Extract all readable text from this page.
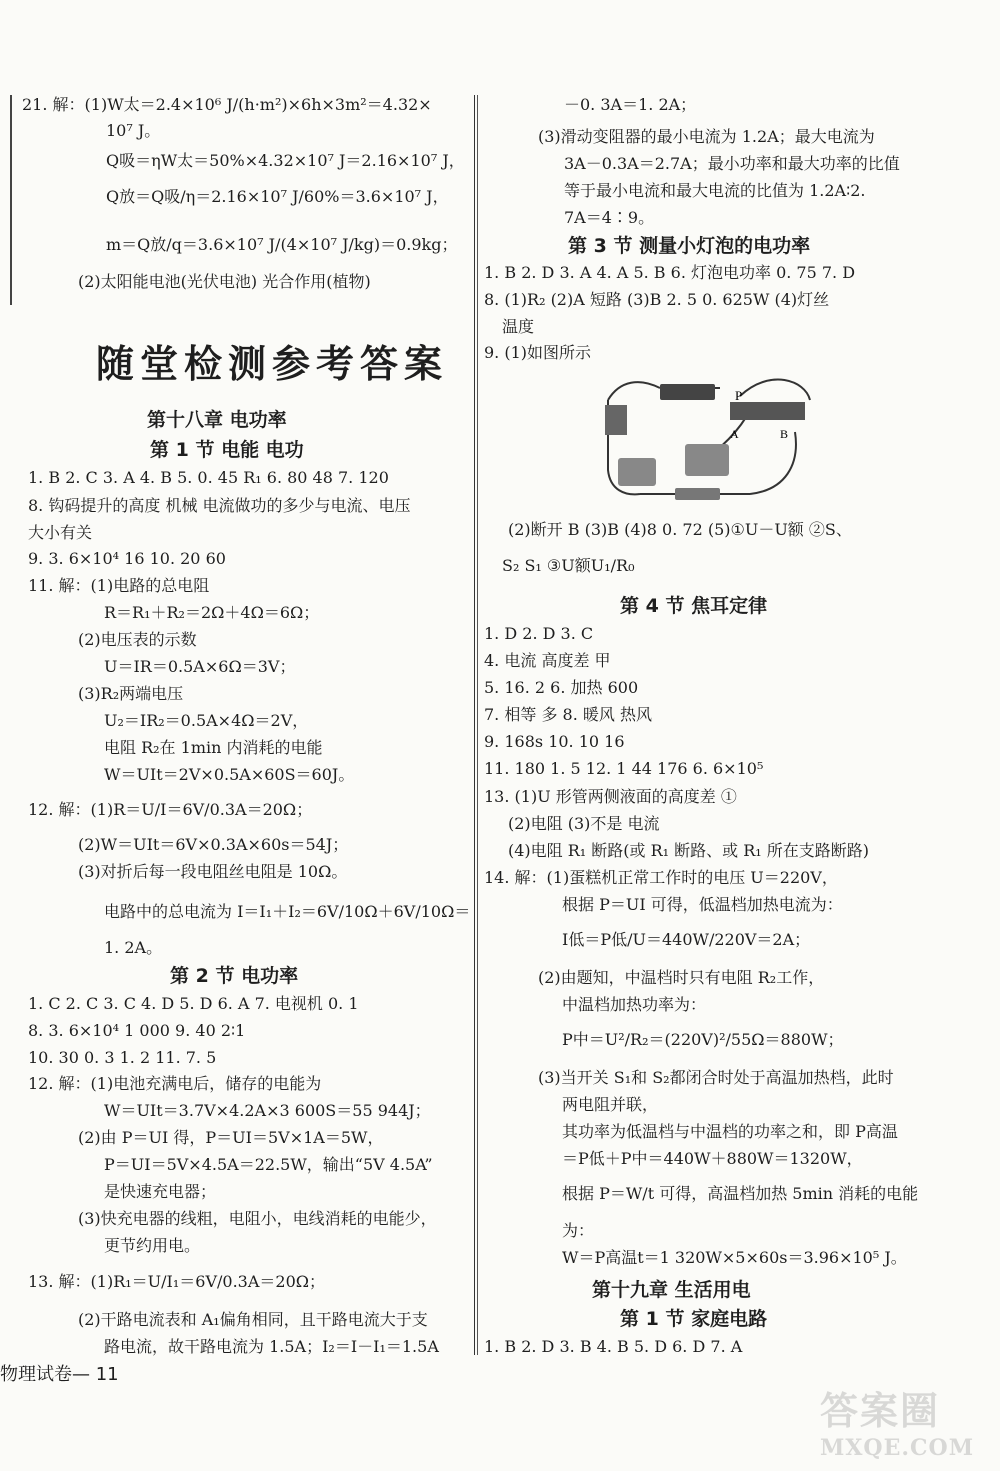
随堂检测参考答案
P
A	B
物理试卷— 11
答案圈
MXQE.COM
21. 解：(1)W太＝2.4×10⁶ J/(h·m²)×6h×3m²＝4.32×
10⁷ J。
Q吸＝ηW太＝50%×4.32×10⁷ J＝2.16×10⁷ J，
Q放＝Q吸/η＝2.16×10⁷ J/60%＝3.6×10⁷ J，
m＝Q放/q＝3.6×10⁷ J/(4×10⁷ J/kg)＝0.9kg；
(2)太阳能电池(光伏电池) 光合作用(植物)
1. B 2. C 3. A 4. B 5. 0. 45 R₁ 6. 80 48 7. 120
8. 钩码提升的高度 机械 电流做功的多少与电流、电压
大小有关
9. 3. 6×10⁴ 16 10. 20 60
11. 解：(1)电路的总电阻
R＝R₁＋R₂＝2Ω＋4Ω＝6Ω；
(2)电压表的示数
U＝IR＝0.5A×6Ω＝3V；
(3)R₂两端电压
U₂＝IR₂＝0.5A×4Ω＝2V，
电阻 R₂在 1min 内消耗的电能
W＝UIt＝2V×0.5A×60S＝60J。
12. 解：(1)R＝U/I＝6V/0.3A＝20Ω；
(2)W＝UIt＝6V×0.3A×60s＝54J；
(3)对折后每一段电阻丝电阻是 10Ω。
电路中的总电流为 I＝I₁＋I₂＝6V/10Ω＋6V/10Ω＝
1. 2A。
1. C 2. C 3. C 4. D 5. D 6. A 7. 电视机 0. 1
8. 3. 6×10⁴ 1 000 9. 40 2∶1
10. 30 0. 3 1. 2 11. 7. 5
12. 解：(1)电池充满电后，储存的电能为
W＝UIt＝3.7V×4.2A×3 600S＝55 944J；
(2)由 P＝UI 得，P＝UI＝5V×1A＝5W，
P＝UI＝5V×4.5A＝22.5W，输出“5V 4.5A”
是快速充电器；
(3)快充电器的线粗，电阻小，电线消耗的电能少，
更节约用电。
13. 解：(1)R₁＝U/I₁＝6V/0.3A＝20Ω；
(2)干路电流表和 A₁偏角相同，且干路电流大于支
路电流，故干路电流为 1.5A；I₂＝I－I₁＝1.5A
第十八章 电功率
第 1 节 电能 电功
第 2 节 电功率
－0. 3A＝1. 2A；
(3)滑动变阻器的最小电流为 1.2A；最大电流为
3A－0.3A＝2.7A；最小功率和最大功率的比值
等于最小电流和最大电流的比值为 1.2A∶2.
7A＝4∶9。
1. B 2. D 3. A 4. A 5. B 6. 灯泡电功率 0. 75 7. D
8. (1)R₂ (2)A 短路 (3)B 2. 5 0. 625W (4)灯丝
温度
9. (1)如图所示
(2)断开 B (3)B (4)8 0. 72 (5)①U－U额 ②S、
S₂ S₁ ③U额U₁/R₀
1. D 2. D 3. C
4. 电流 高度差 甲
5. 16. 2 6. 加热 600
7. 相等 多 8. 暖风 热风
9. 168s 10. 10 16
11. 180 1. 5 12. 1 44 176 6. 6×10⁵
13. (1)U 形管两侧液面的高度差 ①
(2)电阻 (3)不是 电流
(4)电阻 R₁ 断路(或 R₁ 断路、或 R₁ 所在支路断路)
14. 解：(1)蛋糕机正常工作时的电压 U＝220V，
根据 P＝UI 可得，低温档加热电流为：
I低＝P低/U＝440W/220V＝2A；
(2)由题知，中温档时只有电阻 R₂工作，
中温档加热功率为：
P中＝U²/R₂＝(220V)²/55Ω＝880W；
(3)当开关 S₁和 S₂都闭合时处于高温加热档，此时
两电阻并联，
其功率为低温档与中温档的功率之和，即 P高温
＝P低＋P中＝440W＋880W＝1320W，
根据 P＝W/t 可得，高温档加热 5min 消耗的电能
为：
W＝P高温t＝1 320W×5×60s＝3.96×10⁵ J。
1. B 2. D 3. B 4. B 5. D 6. D 7. A
第 3 节 测量小灯泡的电功率
第 4 节 焦耳定律
第十九章 生活用电
第 1 节 家庭电路
